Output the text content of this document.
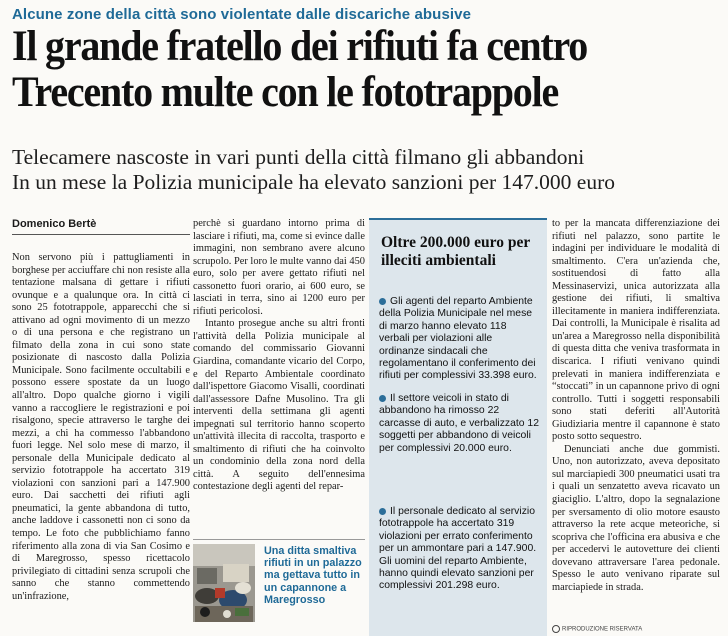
Alcune zone della città sono violentate dalle discariche abusive
Il grande fratello dei rifiuti fa centro
Trecento multe con le fototrappole
Telecamere nascoste in vari punti della città filmano gli abbandoni
In un mese la Polizia municipale ha elevato sanzioni per 147.000 euro
Domenico Bertè

Non servono più i pattugliamenti in borghese per acciuffare chi non resiste alla tentazione malsana di gettare i rifiuti ovunque e a qualunque ora. In città ci sono 25 fototrappole, apparecchi che si attivano ad ogni movimento di un mezzo o di una persona e che registrano un filmato della zona in cui sono state posizionate di nascosto dalla Polizia Municipale. Sono facilmente occultabili e possono essere spostate da un luogo all'altro. Dopo qualche giorno i vigili vanno a raccogliere le registrazioni e poi risalgono, specie attraverso le targhe dei mezzi, a chi ha commesso l'abbandono fuori legge. Nel solo mese di marzo, il personale della Municipale dedicato al servizio fototrappole ha accertato 319 violazioni con sanzioni pari a 147.900 euro. Dai sacchetti dei rifiuti agli pneumatici, la gente abbandona di tutto, anche laddove i cassonetti non ci sono da tempo. Le foto che pubblichiamo fanno riferimento alla zona di via San Cosimo e di Maregrosso, spesso ricettacolo privilegiato di cittadini senza scrupoli che sanno che stanno commettendo un'infrazione,

perchè si guardano intorno prima di lasciare i rifiuti, ma, come si evince dalle immagini, non sembrano avere alcuno scrupolo. Per loro le multe vanno dai 450 euro, solo per avere gettato rifiuti nel cassonetto fuori orario, ai 600 euro, se lasciati in terra, sino ai 1200 euro per rifiuti pericolosi.

Intanto prosegue anche su altri fronti l'attività della Polizia municipale al comando del commissario Giovanni Giardina, comandante vicario del Corpo, e del Reparto Ambientale coordinato dall'ispettore Giacomo Visalli, coordinati dall'assessore Dafne Musolino. Tra gli interventi della settimana gli agenti impegnati sul territorio hanno scoperto un'attività illecita di raccolta, trasporto e smaltimento di rifiuti che ha coinvolto un condominio della zona nord della città. A seguito dell'ennesima contestazione degli agenti del repar-

Una ditta smaltiva rifiuti in un palazzo ma gettava tutto in un capannone a Maregrosso
Oltre 200.000 euro per illeciti ambientali
Gli agenti del reparto Ambiente della Polizia Municipale nel mese di marzo hanno elevato 118 verbali per violazioni alle ordinanze sindacali che regolamentano il conferimento dei rifiuti per complessivi 33.398 euro.
Il settore veicoli in stato di abbandono ha rimosso 22 carcasse di auto, e verbalizzato 12 soggetti per abbandono di veicoli per complessivi 20.000 euro.
Il personale dedicato al servizio fototrappole ha accertato 319 violazioni per errato conferimento per un ammontare pari a 147.900. Gli uomini del reparto Ambiente, hanno quindi elevato sanzioni per complessivi 201.298 euro.

to per la mancata differenziazione dei rifiuti nel palazzo, sono partite le indagini per individuare le modalità di smaltimento. C'era un'azienda che, sostituendosi di fatto alla Messinaservizi, unica autorizzata alla gestione dei rifiuti, li smaltiva illecitamente in maniera indifferenziata. Dai controlli, la Municipale è risalita ad un'area a Maregrosso nella disponibilità di questa ditta che veniva trasformata in discarica. I rifiuti venivano quindi prelevati in maniera indifferenziata e “stoccati” in un capannone privo di ogni controllo. Tutti i soggetti responsabili sono stati deferiti all'Autorità Giudiziaria mentre il capannone è stato posto sotto sequestro.

Denunciati anche due gommisti. Uno, non autorizzato, aveva depositato sul marciapiedi 300 pneumatici usati tra i quali un senzatetto aveva ricavato un giaciglio. L'altro, dopo la segnalazione per sversamento di olio motore esausto attraverso la rete acque meteoriche, si scopriva che l'officina era abusiva e che per accedervi le autovetture dei clienti dovevano attraversare l'area pedonale. Spesso le auto venivano riparate sul marciapiede in strada.

RIPRODUZIONE RISERVATA
